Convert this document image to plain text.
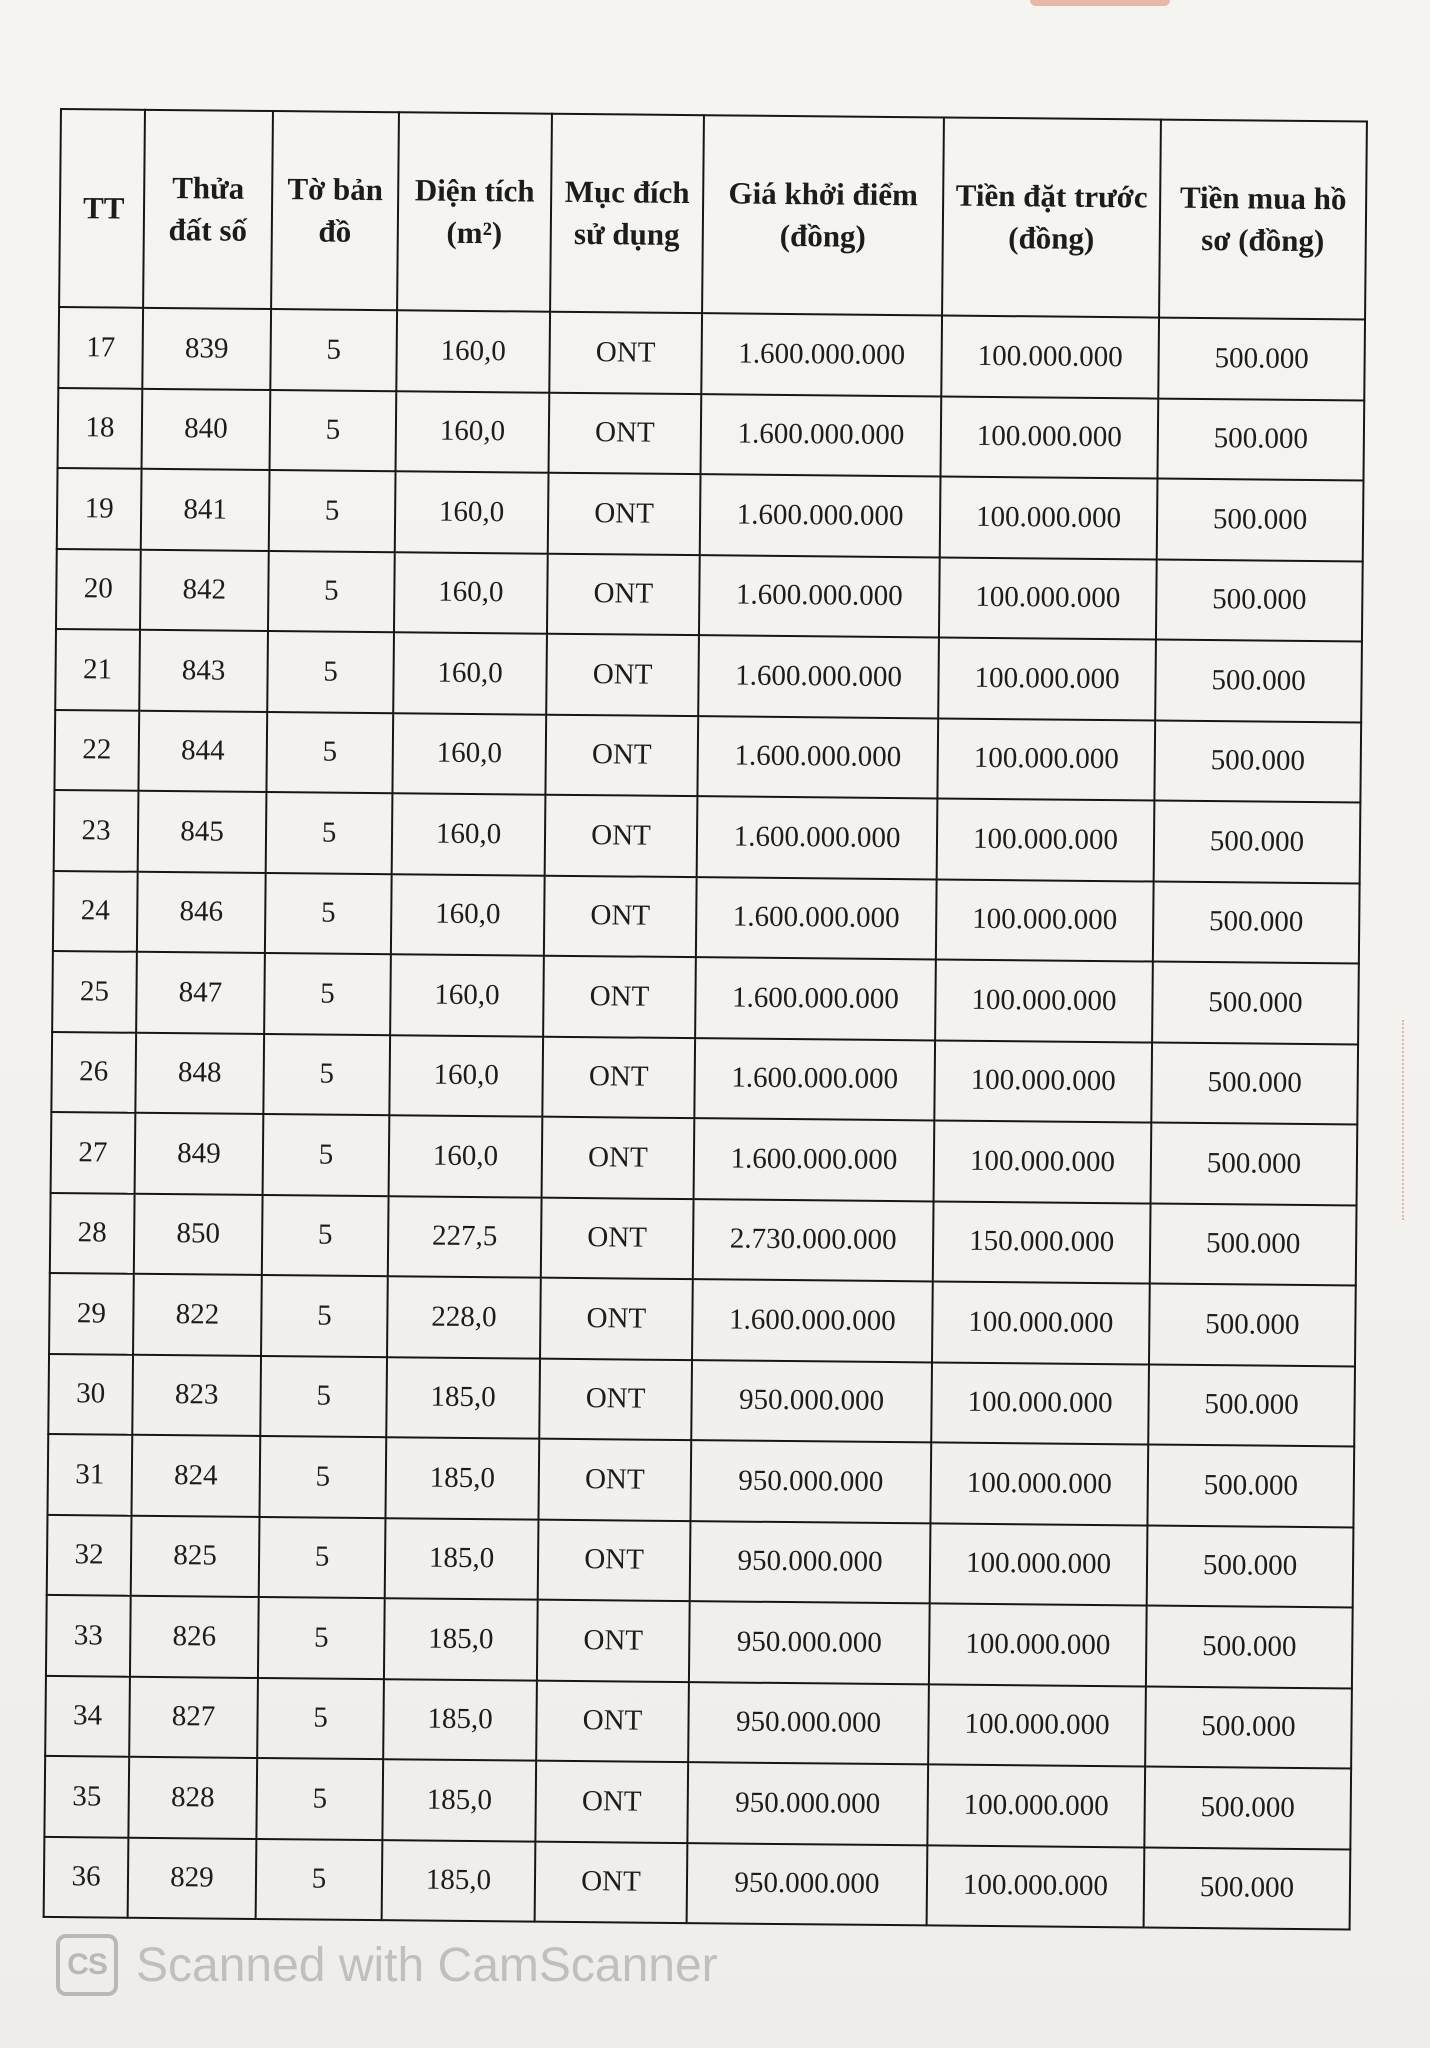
TT	Thửa đất số	Tờ bản đồ	Diện tích (m²)	Mục đích sử dụng	Giá khởi điểm (đồng)	Tiền đặt trước (đồng)	Tiền mua hồ sơ (đồng)
17	839	5	160,0	ONT	1.600.000.000	100.000.000	500.000
18	840	5	160,0	ONT	1.600.000.000	100.000.000	500.000
19	841	5	160,0	ONT	1.600.000.000	100.000.000	500.000
20	842	5	160,0	ONT	1.600.000.000	100.000.000	500.000
21	843	5	160,0	ONT	1.600.000.000	100.000.000	500.000
22	844	5	160,0	ONT	1.600.000.000	100.000.000	500.000
23	845	5	160,0	ONT	1.600.000.000	100.000.000	500.000
24	846	5	160,0	ONT	1.600.000.000	100.000.000	500.000
25	847	5	160,0	ONT	1.600.000.000	100.000.000	500.000
26	848	5	160,0	ONT	1.600.000.000	100.000.000	500.000
27	849	5	160,0	ONT	1.600.000.000	100.000.000	500.000
28	850	5	227,5	ONT	2.730.000.000	150.000.000	500.000
29	822	5	228,0	ONT	1.600.000.000	100.000.000	500.000
30	823	5	185,0	ONT	950.000.000	100.000.000	500.000
31	824	5	185,0	ONT	950.000.000	100.000.000	500.000
32	825	5	185,0	ONT	950.000.000	100.000.000	500.000
33	826	5	185,0	ONT	950.000.000	100.000.000	500.000
34	827	5	185,0	ONT	950.000.000	100.000.000	500.000
35	828	5	185,0	ONT	950.000.000	100.000.000	500.000
36	829	5	185,0	ONT	950.000.000	100.000.000	500.000
CS Scanned with CamScanner
